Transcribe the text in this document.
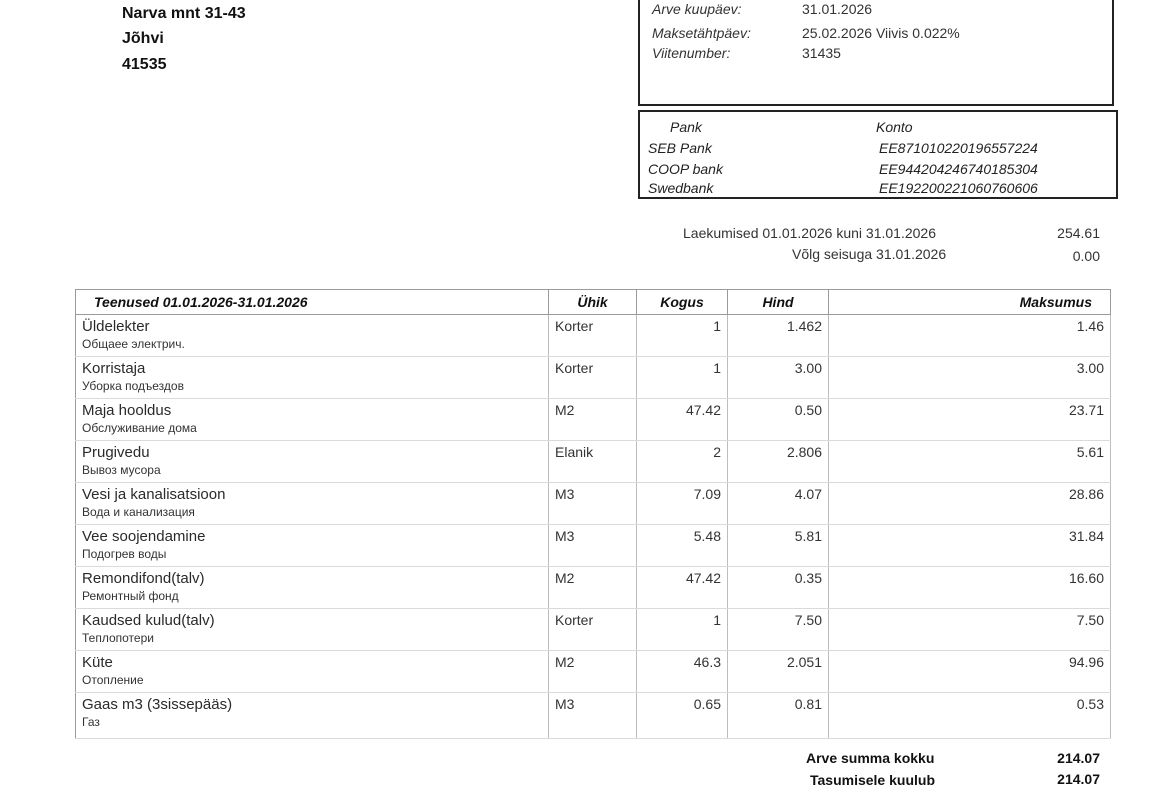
Narva mnt 31-43
Jõhvi
41535
Arve kuupäev:	31.01.2026
Maksetähtpäev:	25.02.2026 Viivis 0.022%
Viitenumber:	31435
Pank	Konto
SEB Pank	EE871010220196557224
COOP bank	EE944204246740185304
Swedbank	EE192200221060760606
Laekumised 01.01.2026 kuni 31.01.2026	254.61
Võlg seisuga 31.01.2026	0.00
Teenused 01.01.2026-31.01.2026	Ühik	Kogus	Hind	Maksumus

Üldelekter
Общаее электрич.	Korter	1	1.462	1.46

Korristaja
Уборка подъездов	Korter	1	3.00	3.00

Maja hooldus
Обслуживание дома	M2	47.42	0.50	23.71

Prugivedu
Вывоз мусора	Elanik	2	2.806	5.61

Vesi ja kanalisatsioon
Вода и канализация	M3	7.09	4.07	28.86

Vee soojendamine
Подогрев воды	M3	5.48	5.81	31.84

Remondifond(talv)
Ремонтный фонд	M2	47.42	0.35	16.60

Kaudsed kulud(talv)
Теплопотери	Korter	1	7.50	7.50

Küte
Отопление	M2	46.3	2.051	94.96

Gaas m3 (3sissepääs)
Газ	M3	0.65	0.81	0.53
Arve summa kokku	214.07
Tasumisele kuulub	214.07
